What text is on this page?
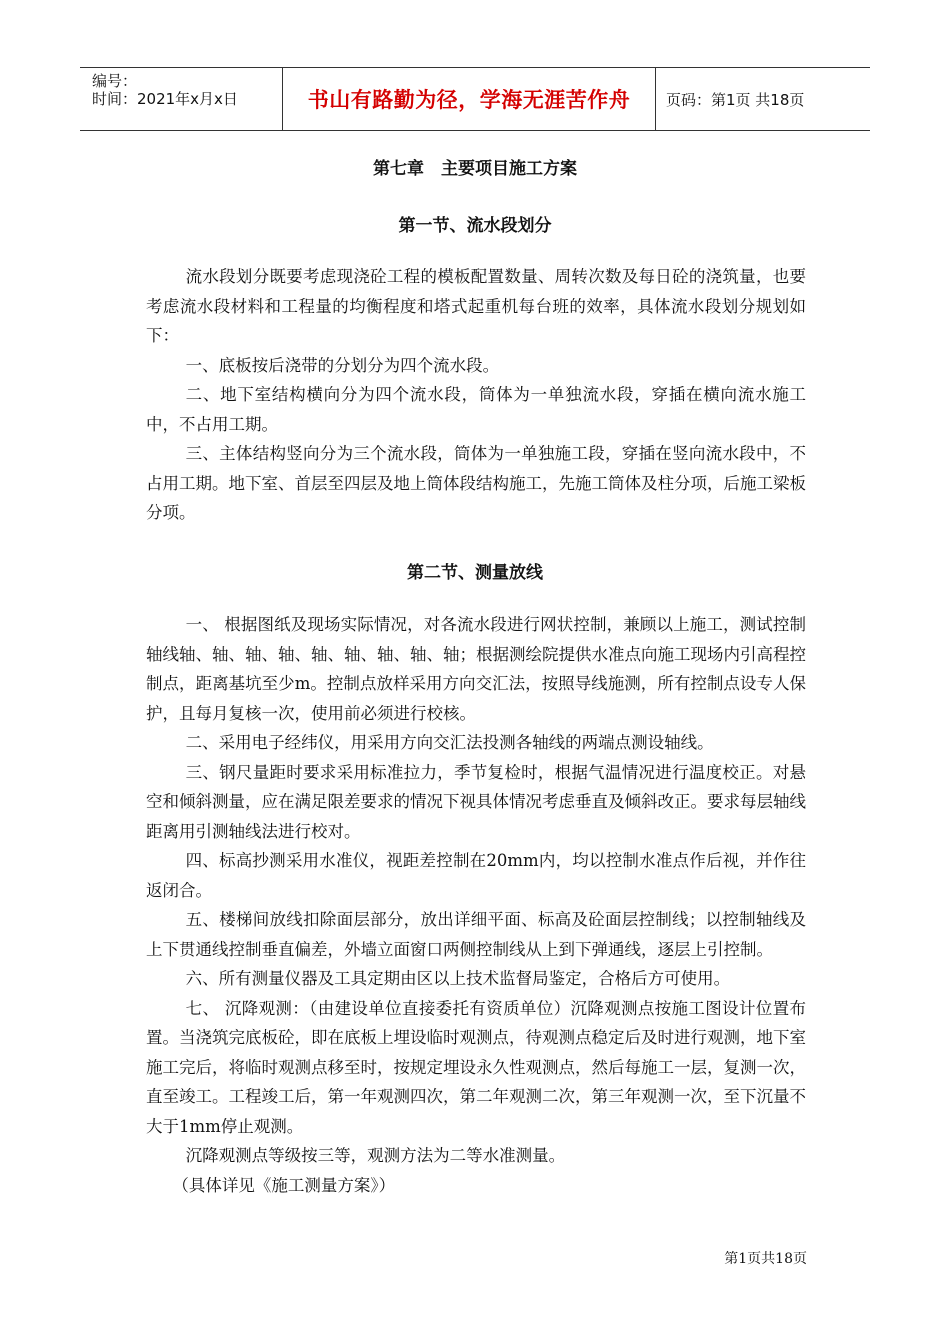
编号：
时间：2021年x月x日	书山有路勤为径，学海无涯苦作舟	页码：第1页 共18页
第七章　主要项目施工方案
第一节、流水段划分

流水段划分既要考虑现浇砼工程的模板配置数量、周转次数及每日砼的浇筑量，也要考虑流水段材料和工程量的均衡程度和塔式起重机每台班的效率，具体流水段划分规划如下：

一、底板按后浇带的分划分为四个流水段。

二、地下室结构横向分为四个流水段，筒体为一单独流水段，穿插在横向流水施工中，不占用工期。

三、主体结构竖向分为三个流水段，筒体为一单独施工段，穿插在竖向流水段中，不占用工期。地下室、首层至四层及地上筒体段结构施工，先施工筒体及柱分项，后施工梁板分项。

第二节、测量放线

一、 根据图纸及现场实际情况，对各流水段进行网状控制，兼顾以上施工，测试控制轴线轴、轴、轴、轴、轴、轴、轴、轴、轴；根据测绘院提供水准点向施工现场内引高程控制点，距离基坑至少m。控制点放样采用方向交汇法，按照导线施测，所有控制点设专人保护，且每月复核一次，使用前必须进行校核。

二、采用电子经纬仪，用采用方向交汇法投测各轴线的两端点测设轴线。

三、钢尺量距时要求采用标准拉力，季节复检时，根据气温情况进行温度校正。对悬空和倾斜测量，应在满足限差要求的情况下视具体情况考虑垂直及倾斜改正。要求每层轴线距离用引测轴线法进行校对。

四、标高抄测采用水准仪，视距差控制在20mm内，均以控制水准点作后视，并作往返闭合。

五、楼梯间放线扣除面层部分，放出详细平面、标高及砼面层控制线；以控制轴线及上下贯通线控制垂直偏差，外墙立面窗口两侧控制线从上到下弹通线，逐层上引控制。

六、所有测量仪器及工具定期由区以上技术监督局鉴定，合格后方可使用。

七、 沉降观测：（由建设单位直接委托有资质单位）沉降观测点按施工图设计位置布置。当浇筑完底板砼，即在底板上埋设临时观测点，待观测点稳定后及时进行观测，地下室施工完后，将临时观测点移至时，按规定埋设永久性观测点，然后每施工一层，复测一次，直至竣工。工程竣工后，第一年观测四次，第二年观测二次，第三年观测一次，至下沉量不大于1mm停止观测。

沉降观测点等级按三等，观测方法为二等水准测量。

（具体详见《施工测量方案》）

第1页共18页
